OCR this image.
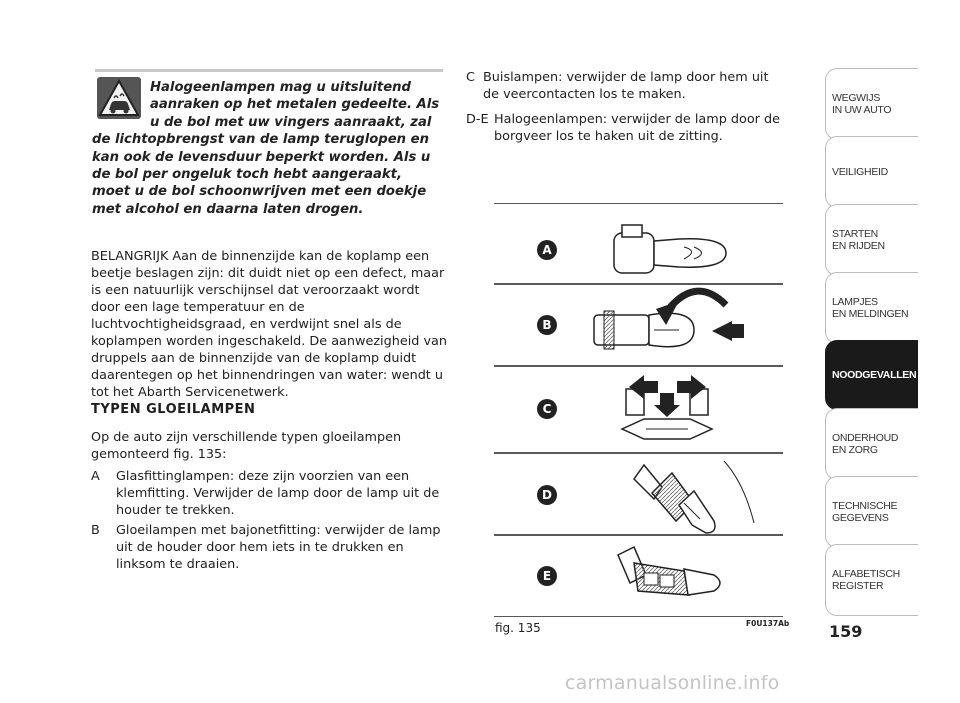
Halogeenlampen mag u uitsluitend aanraken op het metalen gedeelte. Als u de bol met uw vingers aanraakt, zal de lichtopbrengst van de lamp teruglopen en kan ook de levensduur beperkt worden. Als u de bol per ongeluk toch hebt aangeraakt, moet u de bol schoonwrijven met een doekje met alcohol en daarna laten drogen.
BELANGRIJK Aan de binnenzijde kan de koplamp een beetje beslagen zijn: dit duidt niet op een defect, maar is een natuurlijk verschijnsel dat veroorzaakt wordt door een lage temperatuur en de luchtvochtigheidsgraad, en verdwijnt snel als de koplampen worden ingeschakeld. De aanwezigheid van druppels aan de binnenzijde van de koplamp duidt daarentegen op het binnendringen van water: wendt u tot het Abarth Servicenetwerk.
TYPEN GLOEILAMPEN
Op de auto zijn verschillende typen gloeilampen gemonteerd fig. 135:
A Glasfittinglampen: deze zijn voorzien van een klemfitting. Verwijder de lamp door de lamp uit de houder te trekken.
B Gloeilampen met bajonetfitting: verwijder de lamp uit de houder door hem iets in te drukken en linksom te draaien.
C Buislampen: verwijder de lamp door hem uit de veercontacten los te maken.
D-E Halogeenlampen: verwijder de lamp door de borgveer los te haken uit de zitting.
A
B
C
D
E
fig. 135	F0U137Ab
WEGWIJS
IN UW AUTO
VEILIGHEID
STARTEN
EN RIJDEN
LAMPJES
EN MELDINGEN
NOODGEVALLEN
ONDERHOUD
EN ZORG
TECHNISCHE
GEGEVENS
ALFABETISCH
REGISTER
159
carmanualsonline.info
